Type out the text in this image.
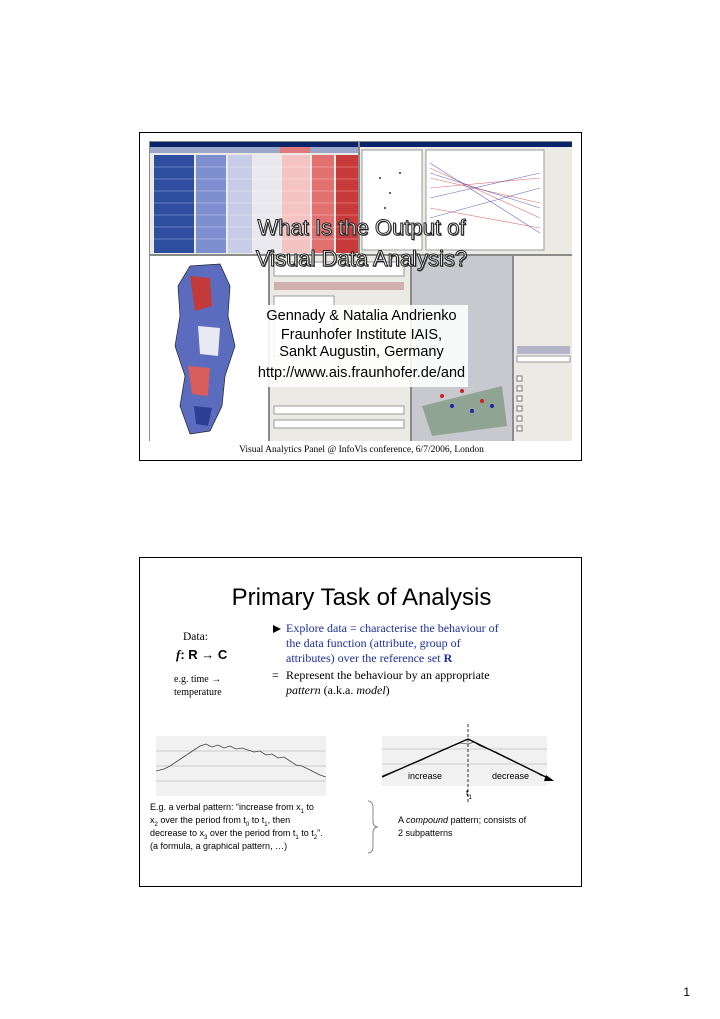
What Is the Output of
Visual Data Analysis?
Gennady & Natalia Andrienko
Fraunhofer Institute IAIS,
Sankt Augustin, Germany
http://www.ais.fraunhofer.de/and
Visual Analytics Panel @ InfoVis conference, 6/7/2006, London
Primary Task of Analysis
Data:
f: R → C
e.g. time →
temperature
Explore data = characterise the behaviour of
the data function (attribute, group of
attributes) over the reference set R
= Represent the behaviour by an appropriate
pattern (a.k.a. model)
increase	decrease
$t_1$
E.g. a verbal pattern: “increase from $x_1$ to
$x_2$ over the period from $t_0$ to $t_1$, then
decrease to $x_3$ over the period from $t_1$ to $t_2$”.
(a formula, a graphical pattern, …)
A compound pattern; consists of
2 subpatterns
1
